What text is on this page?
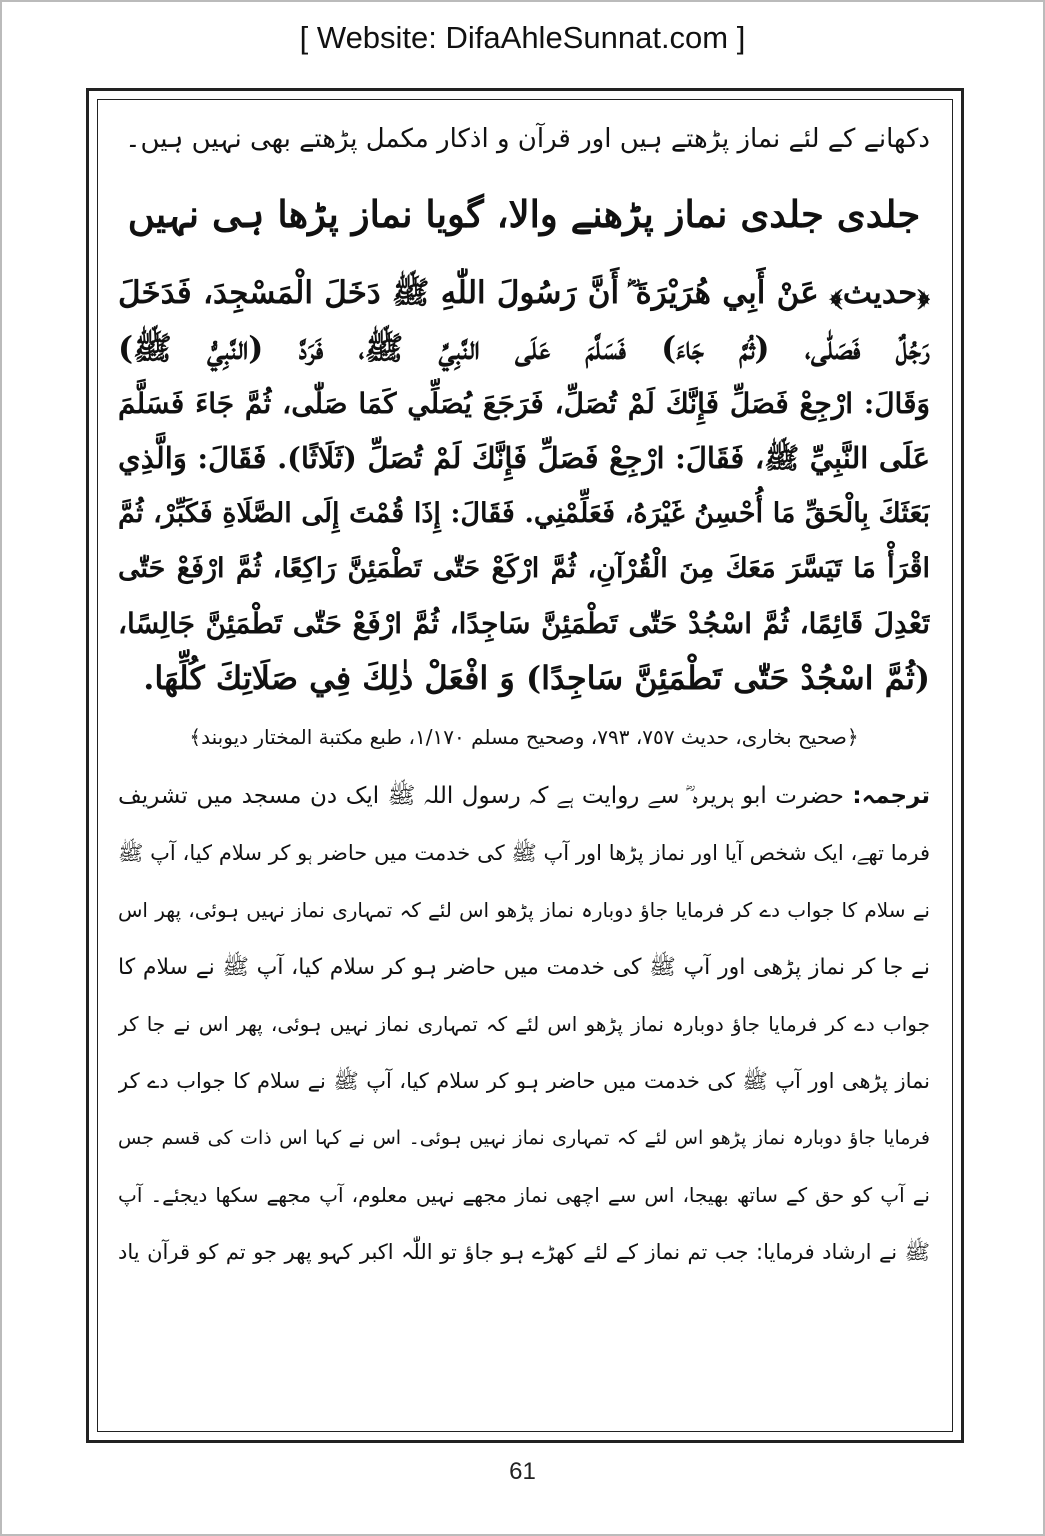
[ Website: DifaAhleSunnat.com ]
دکھانے کے لئے نماز پڑھتے ہیں اور قرآن و اذکار مکمل پڑھتے بھی نہیں ہیں۔
جلدی جلدی نماز پڑھنے والا، گویا نماز پڑھا ہی نہیں
﴿حديث﴾ عَنْ أَبِي هُرَيْرَةَ ؓ أَنَّ رَسُولَ اللّٰهِ ﷺ دَخَلَ الْمَسْجِدَ، فَدَخَلَ
رَجُلٌ فَصَلّٰى، (ثُمَّ جَاءَ) فَسَلَّمَ عَلَى النَّبِيِّ ﷺ، فَرَدَّ (النَّبِيُّ ﷺ)
وَقَالَ: ارْجِعْ فَصَلِّ فَإِنَّكَ لَمْ تُصَلِّ، فَرَجَعَ يُصَلِّي كَمَا صَلّٰى، ثُمَّ جَاءَ فَسَلَّمَ
عَلَى النَّبِيِّ ﷺ، فَقَالَ: ارْجِعْ فَصَلِّ فَإِنَّكَ لَمْ تُصَلِّ (ثَلَاثًا). فَقَالَ: وَالَّذِي
بَعَثَكَ بِالْحَقِّ مَا أُحْسِنُ غَيْرَهُ، فَعَلِّمْنِي. فَقَالَ: إِذَا قُمْتَ إِلَى الصَّلَاةِ فَكَبِّرْ، ثُمَّ
اقْرَأْ مَا تَيَسَّرَ مَعَكَ مِنَ الْقُرْآنِ، ثُمَّ ارْكَعْ حَتّٰى تَطْمَئِنَّ رَاكِعًا، ثُمَّ ارْفَعْ حَتّٰى
تَعْدِلَ قَائِمًا، ثُمَّ اسْجُدْ حَتّٰى تَطْمَئِنَّ سَاجِدًا، ثُمَّ ارْفَعْ حَتّٰى تَطْمَئِنَّ جَالِسًا،
(ثُمَّ اسْجُدْ حَتّٰى تَطْمَئِنَّ سَاجِدًا) وَ افْعَلْ ذٰلِكَ فِي صَلَاتِكَ كُلِّهَا.
﴿صحيح بخاری، حديث ٧٥٧، ٧٩٣، وصحيح مسلم ١/١٧٠، طبع مكتبة المختار ديوبند﴾
ترجمہ: حضرت ابو ہریرہ ؓ سے روایت ہے کہ رسول اللہ ﷺ ایک دن مسجد میں تشریف
فرما تھے، ایک شخص آیا اور نماز پڑھا اور آپ ﷺ کی خدمت میں حاضر ہو کر سلام کیا، آپ ﷺ
نے سلام کا جواب دے کر فرمایا جاؤ دوبارہ نماز پڑھو اس لئے کہ تمہاری نماز نہیں ہوئی، پھر اس
نے جا کر نماز پڑھی اور آپ ﷺ کی خدمت میں حاضر ہو کر سلام کیا، آپ ﷺ نے سلام کا
جواب دے کر فرمایا جاؤ دوبارہ نماز پڑھو اس لئے کہ تمہاری نماز نہیں ہوئی، پھر اس نے جا کر
نماز پڑھی اور آپ ﷺ کی خدمت میں حاضر ہو کر سلام کیا، آپ ﷺ نے سلام کا جواب دے کر
فرمایا جاؤ دوبارہ نماز پڑھو اس لئے کہ تمہاری نماز نہیں ہوئی۔ اس نے کہا اس ذات کی قسم جس
نے آپ کو حق کے ساتھ بھیجا، اس سے اچھی نماز مجھے نہیں معلوم، آپ مجھے سکھا دیجئے۔ آپ
ﷺ نے ارشاد فرمایا: جب تم نماز کے لئے کھڑے ہو جاؤ تو اللّٰہ اکبر کہو پھر جو تم کو قرآن یاد
61
